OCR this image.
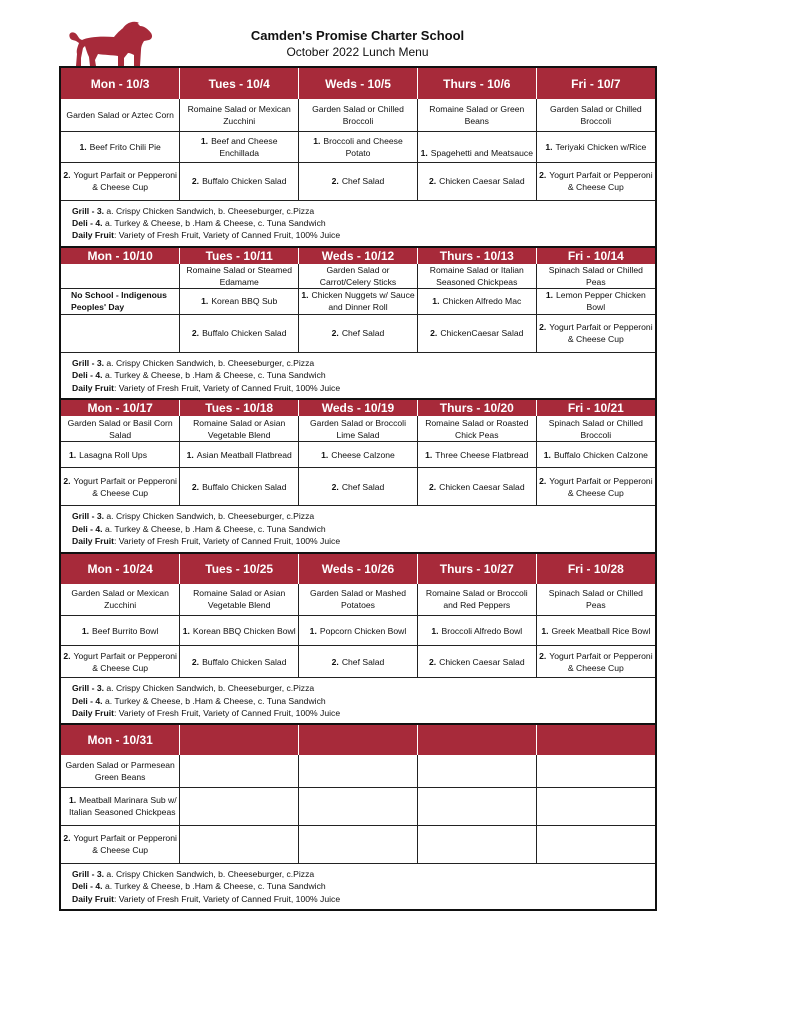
Camden's Promise Charter School
October 2022 Lunch Menu
Mon - 10/3	Tues - 10/4	Weds - 10/5	Thurs - 10/6	Fri - 10/7
Garden Salad or Aztec Corn	Romaine Salad or Mexican Zucchini	Garden Salad or Chilled Broccoli	Romaine Salad or Green Beans	Garden Salad or Chilled Broccoli
1. Beef Frito Chili Pie	1. Beef and Cheese Enchillada	1. Broccoli and Cheese Potato	1. Spagehetti and Meatsauce	1. Teriyaki Chicken w/Rice
2. Yogurt Parfait or Pepperoni & Cheese Cup	2. Buffalo Chicken Salad	2. Chef Salad	2. Chicken Caesar Salad	2. Yogurt Parfait or Pepperoni & Cheese Cup
Grill - 3. a. Crispy Chicken Sandwich, b. Cheeseburger, c.Pizza
Deli - 4. a. Turkey & Cheese, b .Ham & Cheese, c. Tuna Sandwich
Daily Fruit: Variety of Fresh Fruit, Variety of Canned Fruit, 100% Juice
Mon - 10/10	Tues - 10/11	Weds - 10/12	Thurs - 10/13	Fri - 10/14
	Romaine Salad or Steamed Edamame	Garden Salad or Carrot/Celery Sticks	Romaine Salad or Italian Seasoned Chickpeas	Spinach Salad or Chilled Peas
No School - Indigenous Peoples' Day	1. Korean BBQ Sub	1. Chicken Nuggets w/ Sauce and Dinner Roll	1. Chicken Alfredo Mac	1. Lemon Pepper Chicken Bowl
	2. Buffalo Chicken Salad	2. Chef Salad	2. ChickenCaesar Salad	2. Yogurt Parfait or Pepperoni & Cheese Cup
Grill - 3. a. Crispy Chicken Sandwich, b. Cheeseburger, c.Pizza
Deli - 4. a. Turkey & Cheese, b .Ham & Cheese, c. Tuna Sandwich
Daily Fruit: Variety of Fresh Fruit, Variety of Canned Fruit, 100% Juice
Mon - 10/17	Tues - 10/18	Weds - 10/19	Thurs - 10/20	Fri - 10/21
Garden Salad or Basil Corn Salad	Romaine Salad or Asian Vegetable Blend	Garden Salad or Broccoli Lime Salad	Romaine Salad or Roasted Chick Peas	Spinach Salad or Chilled Broccoli
1. Lasagna Roll Ups	1. Asian Meatball Flatbread	1. Cheese Calzone	1. Three Cheese Flatbread	1. Buffalo Chicken Calzone
2. Yogurt Parfait or Pepperoni & Cheese Cup	2. Buffalo Chicken Salad	2. Chef Salad	2. Chicken Caesar Salad	2. Yogurt Parfait or Pepperoni & Cheese Cup
Grill - 3. a. Crispy Chicken Sandwich, b. Cheeseburger, c.Pizza
Deli - 4. a. Turkey & Cheese, b .Ham & Cheese, c. Tuna Sandwich
Daily Fruit: Variety of Fresh Fruit, Variety of Canned Fruit, 100% Juice
Mon - 10/24	Tues - 10/25	Weds - 10/26	Thurs - 10/27	Fri - 10/28
Garden Salad or Mexican Zucchini	Romaine Salad or Asian Vegetable Blend	Garden Salad or Mashed Potatoes	Romaine Salad or Broccoli and Red Peppers	Spinach Salad or Chilled Peas
1. Beef Burrito Bowl	1. Korean BBQ Chicken Bowl	1. Popcorn Chicken Bowl	1. Broccoli Alfredo Bowl	1. Greek Meatball Rice Bowl
2. Yogurt Parfait or Pepperoni & Cheese Cup	2. Buffalo Chicken Salad	2. Chef Salad	2. Chicken Caesar Salad	2. Yogurt Parfait or Pepperoni & Cheese Cup
Grill - 3. a. Crispy Chicken Sandwich, b. Cheeseburger, c.Pizza
Deli - 4. a. Turkey & Cheese, b .Ham & Cheese, c. Tuna Sandwich
Daily Fruit: Variety of Fresh Fruit, Variety of Canned Fruit, 100% Juice
Mon - 10/31				
Garden Salad or Parmesean Green Beans				
1. Meatball Marinara Sub w/ Italian Seasoned Chickpeas				
2. Yogurt Parfait or Pepperoni & Cheese Cup				
Grill - 3. a. Crispy Chicken Sandwich, b. Cheeseburger, c.Pizza
Deli - 4. a. Turkey & Cheese, b .Ham & Cheese, c. Tuna Sandwich
Daily Fruit: Variety of Fresh Fruit, Variety of Canned Fruit, 100% Juice
